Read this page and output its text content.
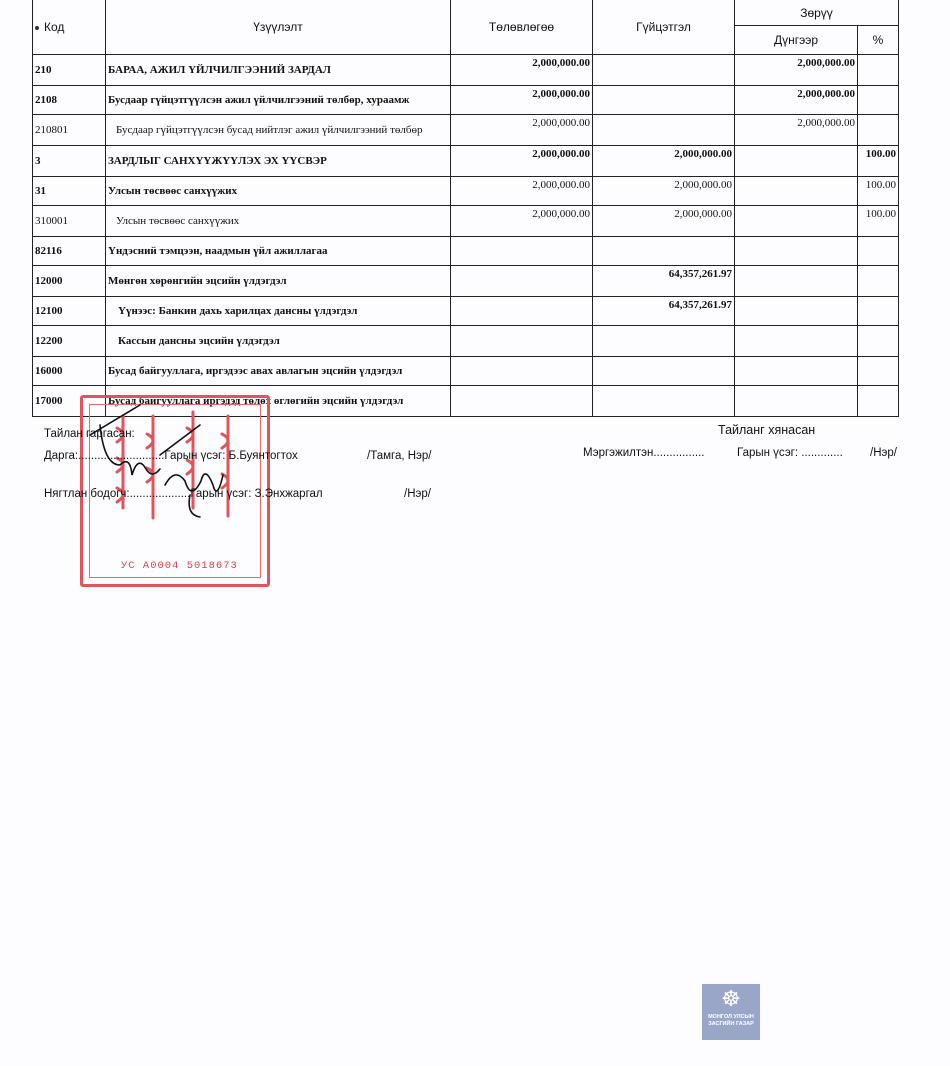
Код	Үзүүлэлт	Төлөвлөгөө	Гүйцэтгэл	Зөрүү	
				Дүнгээр	%
210	БАРАА, АЖИЛ ҮЙЛЧИЛГЭЭНИЙ ЗАРДАЛ	2,000,000.00		2,000,000.00	
2108	Бусдаар гүйцэтгүүлсэн ажил үйлчилгээний төлбөр, хураамж	2,000,000.00		2,000,000.00	
210801	Бусдаар гүйцэтгүүлсэн бусад нийтлэг ажил үйлчилгээний төлбөр	2,000,000.00		2,000,000.00	
3	ЗАРДЛЫГ САНХҮҮЖҮҮЛЭХ ЭХ ҮҮСВЭР	2,000,000.00	2,000,000.00		100.00
31	Улсын төсвөөс санхүүжих	2,000,000.00	2,000,000.00		100.00
310001	Улсын төсвөөс санхүүжих	2,000,000.00	2,000,000.00		100.00
82116	Үндэсний тэмцээн, наадмын үйл ажиллагаа				
12000	Мөнгөн хөрөнгийн эцсийн үлдэгдэл		64,357,261.97		
12100	Үүнээс: Банкин дахь харилцах дансны үлдэгдэл		64,357,261.97		
12200	Кассын дансны эцсийн үлдэгдэл				
16000	Бусад байгууллага, иргэдээс авах авлагын эцсийн үлдэгдэл				
17000	Бусад байгууллага иргэдэд төлөх өглөгийн эцсийн үлдэгдэл				
УС А0004 5018673
Тайлан гаргасан:
Дарга:...........................Гарын үсэг: Б.Буянтогтох	/Тамга, Нэр/
Нягтлан бодогч:...................Гарын үсэг: З.Энхжаргал	/Нэр/
Тайланг хянасан
Мэргэжилтэн................	Гарын үсэг: ............. /Нэр/
☸
МОНГОЛ УЛСЫН
ЗАСГИЙН ГАЗАР
